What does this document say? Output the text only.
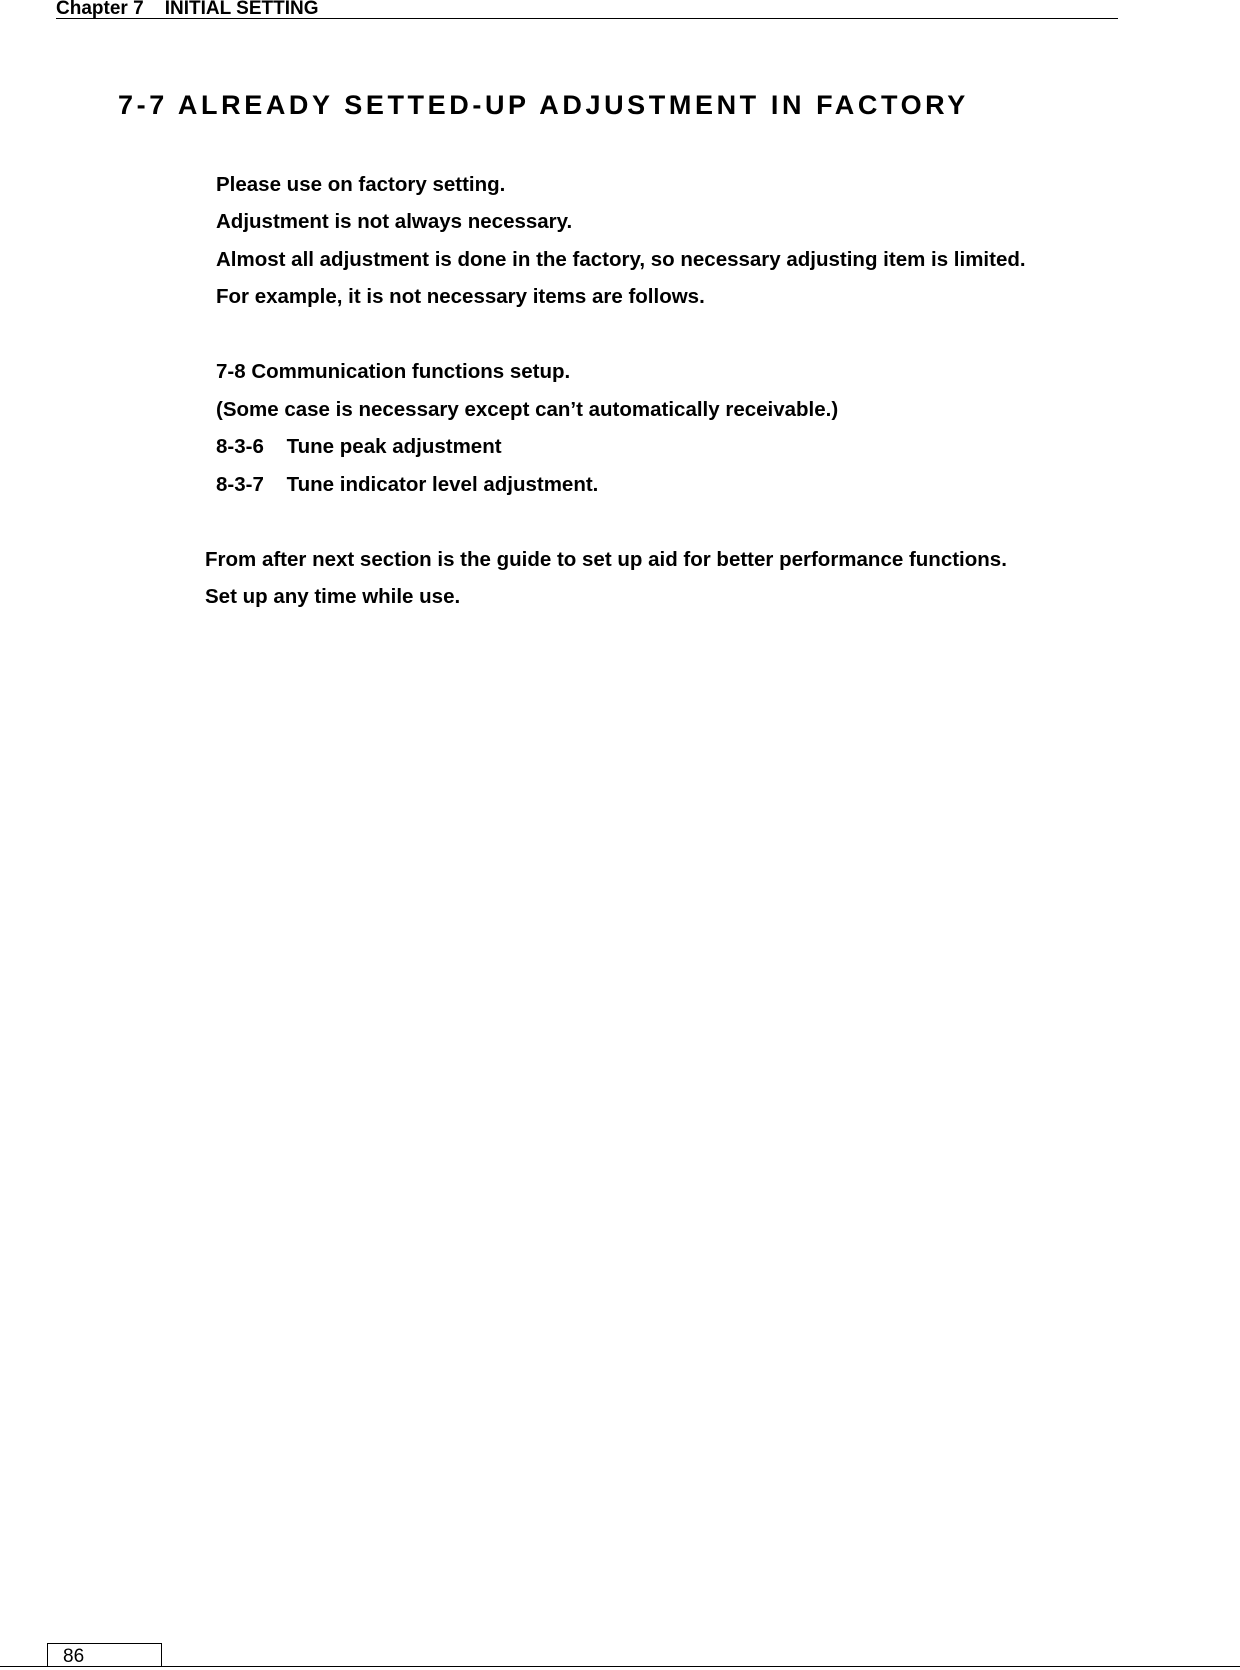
Chapter 7    INITIAL SETTING
7-7 ALREADY SETTED-UP ADJUSTMENT IN FACTORY
Please use on factory setting.
Adjustment is not always necessary.
Almost all adjustment is done in the factory, so necessary adjusting item is limited.
For example, it is not necessary items are follows.
7-8 Communication functions setup.
(Some case is necessary except can’t automatically receivable.)
8-3-6    Tune peak adjustment
8-3-7    Tune indicator level adjustment.
From after next section is the guide to set up aid for better performance functions.
Set up any time while use.
86
